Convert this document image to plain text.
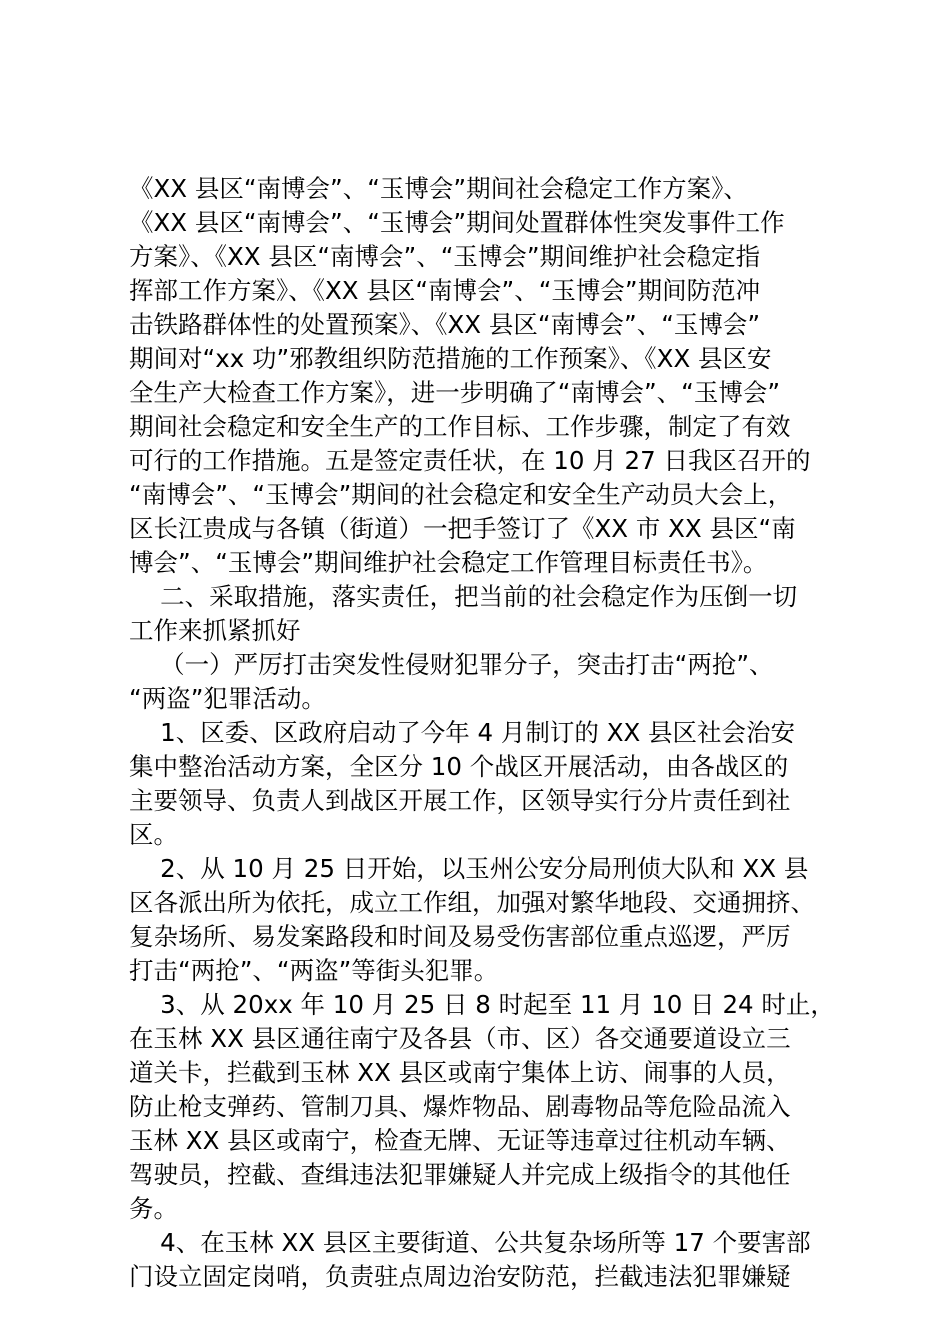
《XX 县区“南博会”、“玉博会”期间社会稳定工作方案》、
《XX 县区“南博会”、“玉博会”期间处置群体性突发事件工作
方案》、《XX 县区“南博会”、“玉博会”期间维护社会稳定指
挥部工作方案》、《XX 县区“南博会”、“玉博会”期间防范冲
击铁路群体性的处置预案》、《XX 县区“南博会”、“玉博会”
期间对“xx 功”邪教组织防范措施的工作预案》、《XX 县区安
全生产大检查工作方案》，进一步明确了“南博会”、“玉博会”
期间社会稳定和安全生产的工作目标、工作步骤，制定了有效
可行的工作措施。五是签定责任状，在 10 月 27 日我区召开的
“南博会”、“玉博会”期间的社会稳定和安全生产动员大会上，
区长江贵成与各镇（街道）一把手签订了《XX 市 XX 县区“南
博会”、“玉博会”期间维护社会稳定工作管理目标责任书》。
二、采取措施，落实责任，把当前的社会稳定作为压倒一切
工作来抓紧抓好
（一）严厉打击突发性侵财犯罪分子，突击打击“两抢”、
“两盗”犯罪活动。
1、区委、区政府启动了今年 4 月制订的 XX 县区社会治安
集中整治活动方案，全区分 10 个战区开展活动，由各战区的
主要领导、负责人到战区开展工作，区领导实行分片责任到社
区。
2、从 10 月 25 日开始，以玉州公安分局刑侦大队和 XX 县
区各派出所为依托，成立工作组，加强对繁华地段、交通拥挤、
复杂场所、易发案路段和时间及易受伤害部位重点巡逻，严厉
打击“两抢”、“两盗”等街头犯罪。
3、从 20xx 年 10 月 25 日 8 时起至 11 月 10 日 24 时止，
在玉林 XX 县区通往南宁及各县（市、区）各交通要道设立三
道关卡，拦截到玉林 XX 县区或南宁集体上访、闹事的人员，
防止枪支弹药、管制刀具、爆炸物品、剧毒物品等危险品流入
玉林 XX 县区或南宁，检查无牌、无证等违章过往机动车辆、
驾驶员，控截、查缉违法犯罪嫌疑人并完成上级指令的其他任
务。
4、在玉林 XX 县区主要街道、公共复杂场所等 17 个要害部
门设立固定岗哨，负责驻点周边治安防范，拦截违法犯罪嫌疑
